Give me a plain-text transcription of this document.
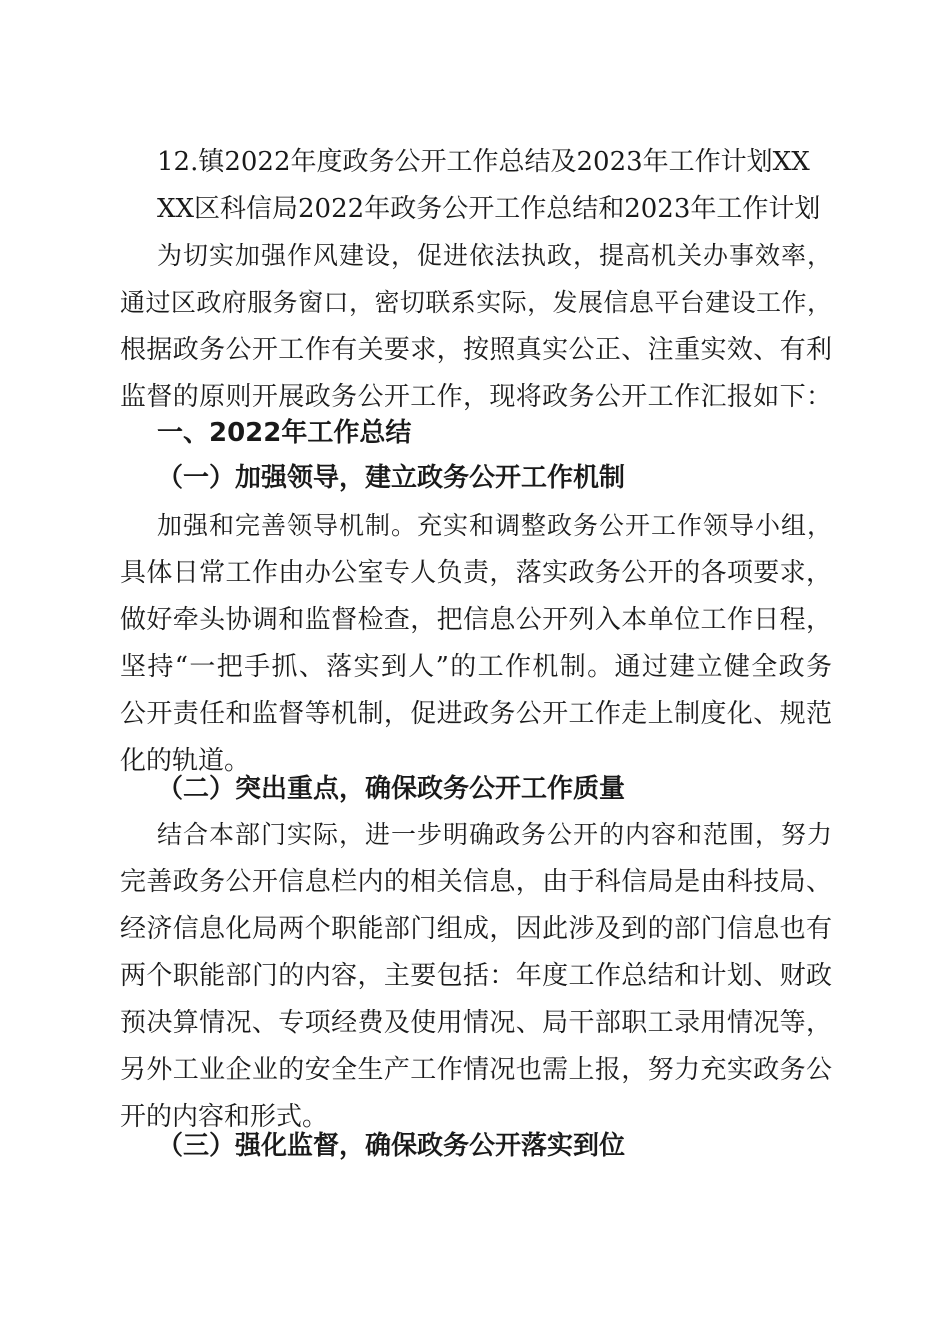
12.镇2022年度政务公开工作总结及2023年工作计划XX
XX区科信局2022年政务公开工作总结和2023年工作计划
为切实加强作风建设，促进依法执政，提高机关办事效率，
通过区政府服务窗口，密切联系实际，发展信息平台建设工作，
根据政务公开工作有关要求，按照真实公正、注重实效、有利
监督的原则开展政务公开工作，现将政务公开工作汇报如下：
一、2022年工作总结
（一）加强领导，建立政务公开工作机制
加强和完善领导机制。充实和调整政务公开工作领导小组，
具体日常工作由办公室专人负责，落实政务公开的各项要求，
做好牵头协调和监督检查，把信息公开列入本单位工作日程，
坚持“一把手抓、落实到人”的工作机制。通过建立健全政务
公开责任和监督等机制，促进政务公开工作走上制度化、规范
化的轨道。
（二）突出重点，确保政务公开工作质量
结合本部门实际，进一步明确政务公开的内容和范围，努力
完善政务公开信息栏内的相关信息，由于科信局是由科技局、
经济信息化局两个职能部门组成，因此涉及到的部门信息也有
两个职能部门的内容，主要包括：年度工作总结和计划、财政
预决算情况、专项经费及使用情况、局干部职工录用情况等，
另外工业企业的安全生产工作情况也需上报，努力充实政务公
开的内容和形式。
（三）强化监督，确保政务公开落实到位
